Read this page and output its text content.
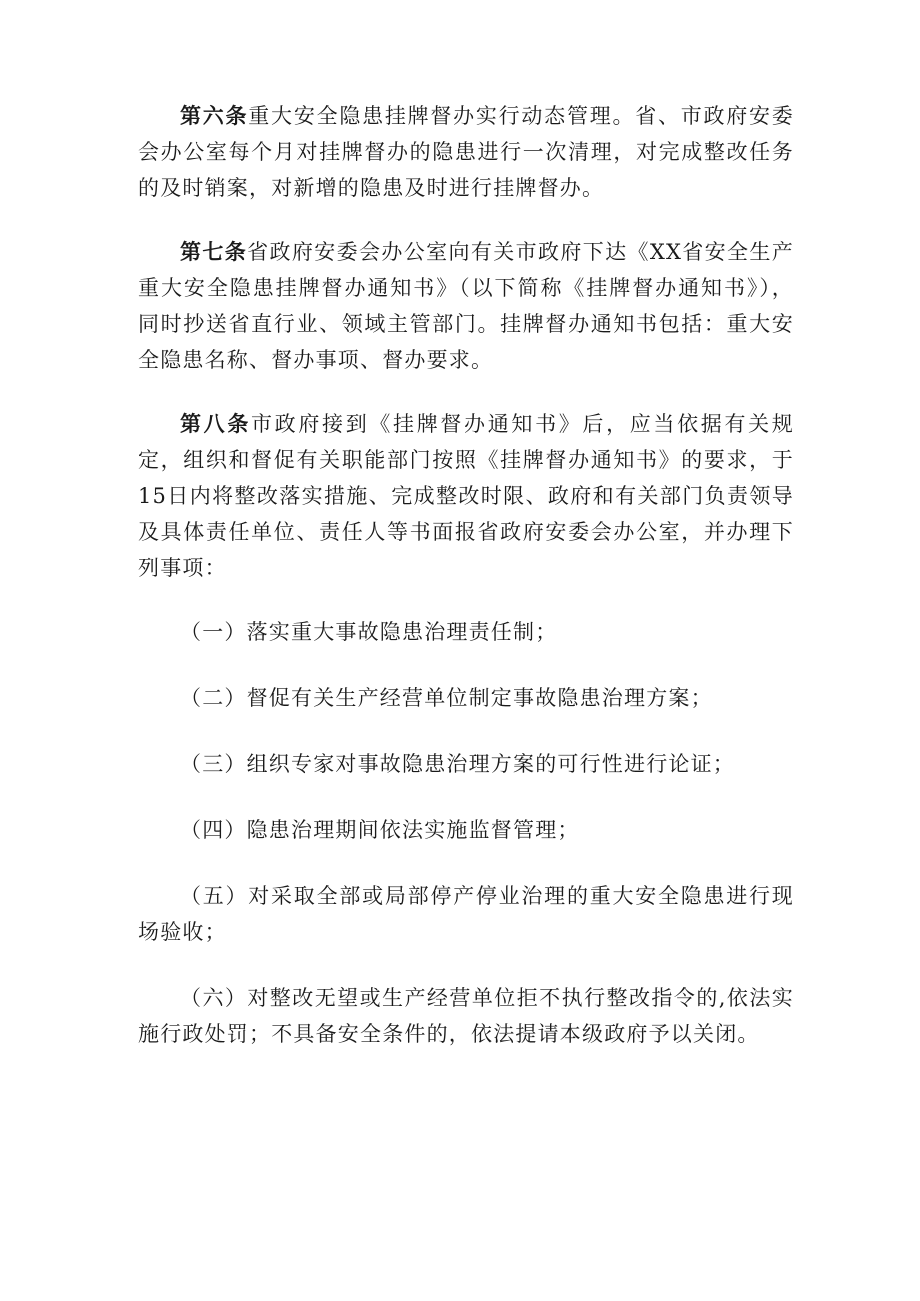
第六条重大安全隐患挂牌督办实行动态管理。省、市政府安委会办公室每个月对挂牌督办的隐患进行一次清理，对完成整改任务的及时销案，对新增的隐患及时进行挂牌督办。

第七条省政府安委会办公室向有关市政府下达《XX省安全生产重大安全隐患挂牌督办通知书》（以下简称《挂牌督办通知书》），同时抄送省直行业、领域主管部门。挂牌督办通知书包括：重大安全隐患名称、督办事项、督办要求。

第八条市政府接到《挂牌督办通知书》后，应当依据有关规定，组织和督促有关职能部门按照《挂牌督办通知书》的要求，于15日内将整改落实措施、完成整改时限、政府和有关部门负责领导及具体责任单位、责任人等书面报省政府安委会办公室，并办理下列事项：

（一）落实重大事故隐患治理责任制；

（二）督促有关生产经营单位制定事故隐患治理方案；

（三）组织专家对事故隐患治理方案的可行性进行论证；

（四）隐患治理期间依法实施监督管理；

（五）对采取全部或局部停产停业治理的重大安全隐患进行现场验收；

（六）对整改无望或生产经营单位拒不执行整改指令的,依法实施行政处罚；不具备安全条件的，依法提请本级政府予以关闭。
